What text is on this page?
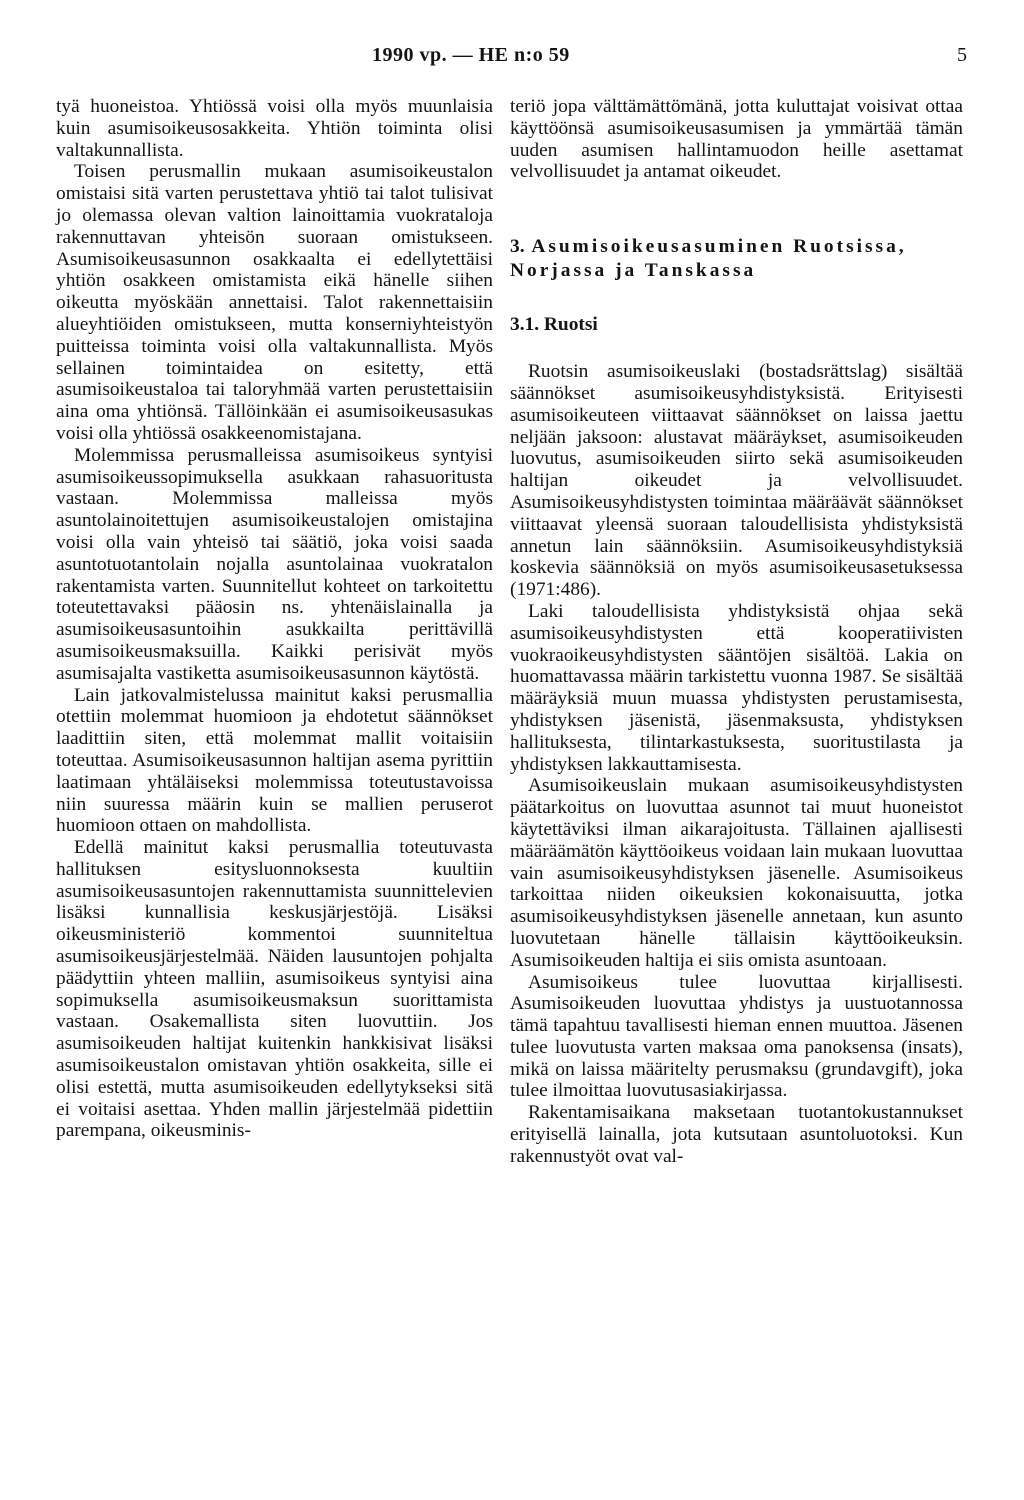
1990 vp. — HE n:o 59	5

tyä huoneistoa. Yhtiössä voisi olla myös muunlaisia kuin asumisoikeusosakkeita. Yhtiön toiminta olisi valtakunnallista.

Toisen perusmallin mukaan asumisoikeustalon omistaisi sitä varten perustettava yhtiö tai talot tulisivat jo olemassa olevan valtion lainoittamia vuokrataloja rakennuttavan yhteisön suoraan omistukseen. Asumisoikeusasunnon osakkaalta ei edellytettäisi yhtiön osakkeen omistamista eikä hänelle siihen oikeutta myöskään annettaisi. Talot rakennettaisiin alueyhtiöiden omistukseen, mutta konserniyhteistyön puitteissa toiminta voisi olla valtakunnallista. Myös sellainen toimintaidea on esitetty, että asumisoikeustaloa tai taloryhmää varten perustettaisiin aina oma yhtiönsä. Tällöinkään ei asumisoikeusasukas voisi olla yhtiössä osakkeenomistajana.

Molemmissa perusmalleissa asumisoikeus syntyisi asumisoikeussopimuksella asukkaan rahasuoritusta vastaan. Molemmissa malleissa myös asuntolainoitettujen asumisoikeustalojen omistajina voisi olla vain yhteisö tai säätiö, joka voisi saada asuntotuotantolain nojalla asuntolainaa vuokratalon rakentamista varten. Suunnitellut kohteet on tarkoitettu toteutettavaksi pääosin ns. yhtenäislainalla ja asumisoikeusasuntoihin asukkailta perittävillä asumisoikeusmaksuilla. Kaikki perisivät myös asumisajalta vastiketta asumisoikeusasunnon käytöstä.

Lain jatkovalmistelussa mainitut kaksi perusmallia otettiin molemmat huomioon ja ehdotetut säännökset laadittiin siten, että molemmat mallit voitaisiin toteuttaa. Asumisoikeusasunnon haltijan asema pyrittiin laatimaan yhtäläiseksi molemmissa toteutustavoissa niin suuressa määrin kuin se mallien peruserot huomioon ottaen on mahdollista.

Edellä mainitut kaksi perusmallia toteutuvasta hallituksen esitysluonnoksesta kuultiin asumisoikeusasuntojen rakennuttamista suunnittelevien lisäksi kunnallisia keskusjärjestöjä. Lisäksi oikeusministeriö kommentoi suunniteltua asumisoikeusjärjestelmää. Näiden lausuntojen pohjalta päädyttiin yhteen malliin, asumisoikeus syntyisi aina sopimuksella asumisoikeusmaksun suorittamista vastaan. Osakemallista siten luovuttiin. Jos asumisoikeuden haltijat kuitenkin hankkisivat lisäksi asumisoikeustalon omistavan yhtiön osakkeita, sille ei olisi estettä, mutta asumisoikeuden edellytykseksi sitä ei voitaisi asettaa. Yhden mallin järjestelmää pidettiin parempana, oikeusminis-

teriö jopa välttämättömänä, jotta kuluttajat voisivat ottaa käyttöönsä asumisoikeusasumisen ja ymmärtää tämän uuden asumisen hallintamuodon heille asettamat velvollisuudet ja antamat oikeudet.

3. Asumisoikeusasuminen Ruotsissa, Norjassa ja Tanskassa
3.1. Ruotsi

Ruotsin asumisoikeuslaki (bostadsrättslag) sisältää säännökset asumisoikeusyhdistyksistä. Erityisesti asumisoikeuteen viittaavat säännökset on laissa jaettu neljään jaksoon: alustavat määräykset, asumisoikeuden luovutus, asumisoikeuden siirto sekä asumisoikeuden haltijan oikeudet ja velvollisuudet. Asumisoikeusyhdistysten toimintaa määräävät säännökset viittaavat yleensä suoraan taloudellisista yhdistyksistä annetun lain säännöksiin. Asumisoikeusyhdistyksiä koskevia säännöksiä on myös asumisoikeusasetuksessa (1971:486).

Laki taloudellisista yhdistyksistä ohjaa sekä asumisoikeusyhdistysten että kooperatiivisten vuokraoikeusyhdistysten sääntöjen sisältöä. Lakia on huomattavassa määrin tarkistettu vuonna 1987. Se sisältää määräyksiä muun muassa yhdistysten perustamisesta, yhdistyksen jäsenistä, jäsenmaksusta, yhdistyksen hallituksesta, tilintarkastuksesta, suoritustilasta ja yhdistyksen lakkauttamisesta.

Asumisoikeuslain mukaan asumisoikeusyhdistysten päätarkoitus on luovuttaa asunnot tai muut huoneistot käytettäviksi ilman aikarajoitusta. Tällainen ajallisesti määräämätön käyttöoikeus voidaan lain mukaan luovuttaa vain asumisoikeusyhdistyksen jäsenelle. Asumisoikeus tarkoittaa niiden oikeuksien kokonaisuutta, jotka asumisoikeusyhdistyksen jäsenelle annetaan, kun asunto luovutetaan hänelle tällaisin käyttöoikeuksin. Asumisoikeuden haltija ei siis omista asuntoaan.

Asumisoikeus tulee luovuttaa kirjallisesti. Asumisoikeuden luovuttaa yhdistys ja uustuotannossa tämä tapahtuu tavallisesti hieman ennen muuttoa. Jäsenen tulee luovutusta varten maksaa oma panoksensa (insats), mikä on laissa määritelty perusmaksu (grundavgift), joka tulee ilmoittaa luovutusasiakirjassa.

Rakentamisaikana maksetaan tuotantokustannukset erityisellä lainalla, jota kutsutaan asuntoluotoksi. Kun rakennustyöt ovat val-
